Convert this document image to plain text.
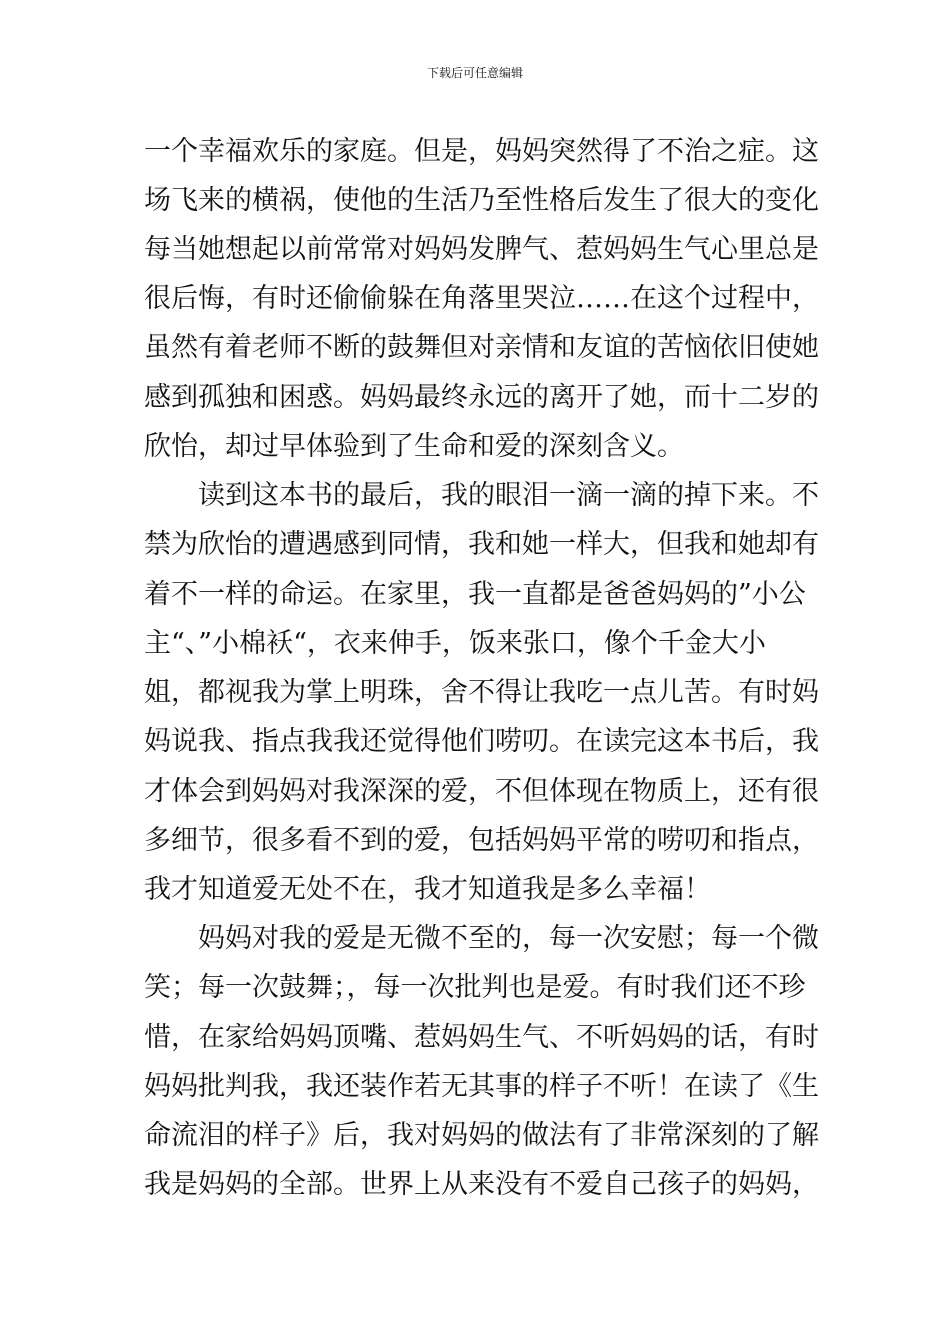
下载后可任意编辑
一个幸福欢乐的家庭。但是，妈妈突然得了不治之症。这
场飞来的横祸，使他的生活乃至性格后发生了很大的变化
每当她想起以前常常对妈妈发脾气、惹妈妈生气心里总是
很后悔，有时还偷偷躲在角落里哭泣……在这个过程中，
虽然有着老师不断的鼓舞但对亲情和友谊的苦恼依旧使她
感到孤独和困惑。妈妈最终永远的离开了她，而十二岁的
欣怡，却过早体验到了生命和爱的深刻含义。
读到这本书的最后，我的眼泪一滴一滴的掉下来。不
禁为欣怡的遭遇感到同情，我和她一样大，但我和她却有
着不一样的命运。在家里，我一直都是爸爸妈妈的”小公
主“、”小棉袄“，衣来伸手，饭来张口，像个千金大小
姐，都视我为掌上明珠，舍不得让我吃一点儿苦。有时妈
妈说我、指点我我还觉得他们唠叨。在读完这本书后，我
才体会到妈妈对我深深的爱，不但体现在物质上，还有很
多细节，很多看不到的爱，包括妈妈平常的唠叨和指点，
我才知道爱无处不在，我才知道我是多么幸福！
妈妈对我的爱是无微不至的，每一次安慰；每一个微
笑；每一次鼓舞；，每一次批判也是爱。有时我们还不珍
惜，在家给妈妈顶嘴、惹妈妈生气、不听妈妈的话，有时
妈妈批判我，我还装作若无其事的样子不听！在读了《生
命流泪的样子》后，我对妈妈的做法有了非常深刻的了解
我是妈妈的全部。世界上从来没有不爱自己孩子的妈妈，
